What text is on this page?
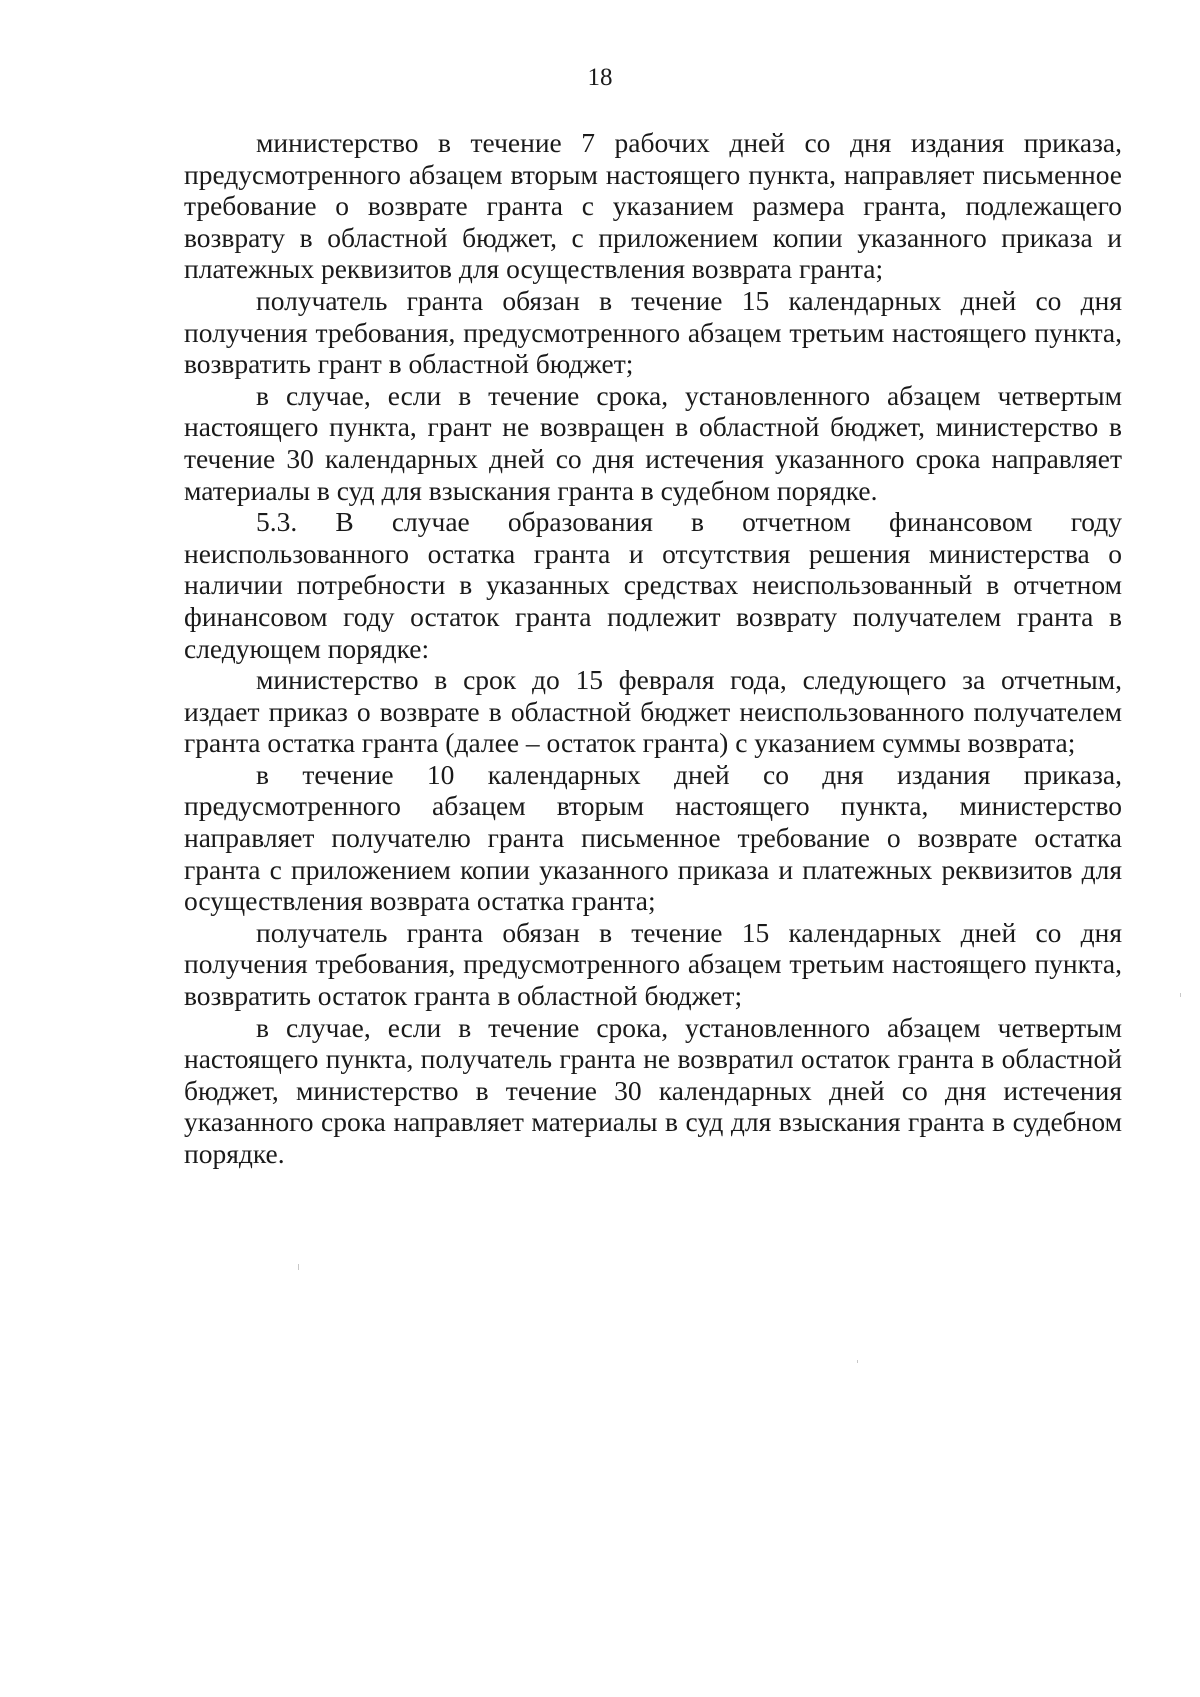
18

министерство в течение 7 рабочих дней со дня издания приказа, предусмотренного абзацем вторым настоящего пункта, направляет письменное требование о возврате гранта с указанием размера гранта, подлежащего возврату в областной бюджет, с приложением копии указанного приказа и платежных реквизитов для осуществления возврата гранта;

получатель гранта обязан в течение 15 календарных дней со дня получения требования, предусмотренного абзацем третьим настоящего пункта, возвратить грант в областной бюджет;

в случае, если в течение срока, установленного абзацем четвертым настоящего пункта, грант не возвращен в областной бюджет, министерство в течение 30 календарных дней со дня истечения указанного срока направляет материалы в суд для взыскания гранта в судебном порядке.

5.3. В случае образования в отчетном финансовом году неиспользованного остатка гранта и отсутствия решения министерства о наличии потребности в указанных средствах неиспользованный в отчетном финансовом году остаток гранта подлежит возврату получателем гранта в следующем порядке:

министерство в срок до 15 февраля года, следующего за отчетным, издает приказ о возврате в областной бюджет неиспользованного получателем гранта остатка гранта (далее – остаток гранта) с указанием суммы возврата;

в течение 10 календарных дней со дня издания приказа, предусмотренного абзацем вторым настоящего пункта, министерство направляет получателю гранта письменное требование о возврате остатка гранта с приложением копии указанного приказа и платежных реквизитов для осуществления возврата остатка гранта;

получатель гранта обязан в течение 15 календарных дней со дня получения требования, предусмотренного абзацем третьим настоящего пункта, возвратить остаток гранта в областной бюджет;

в случае, если в течение срока, установленного абзацем четвертым настоящего пункта, получатель гранта не возвратил остаток гранта в областной бюджет, министерство в течение 30 календарных дней со дня истечения указанного срока направляет материалы в суд для взыскания гранта в судебном порядке.
